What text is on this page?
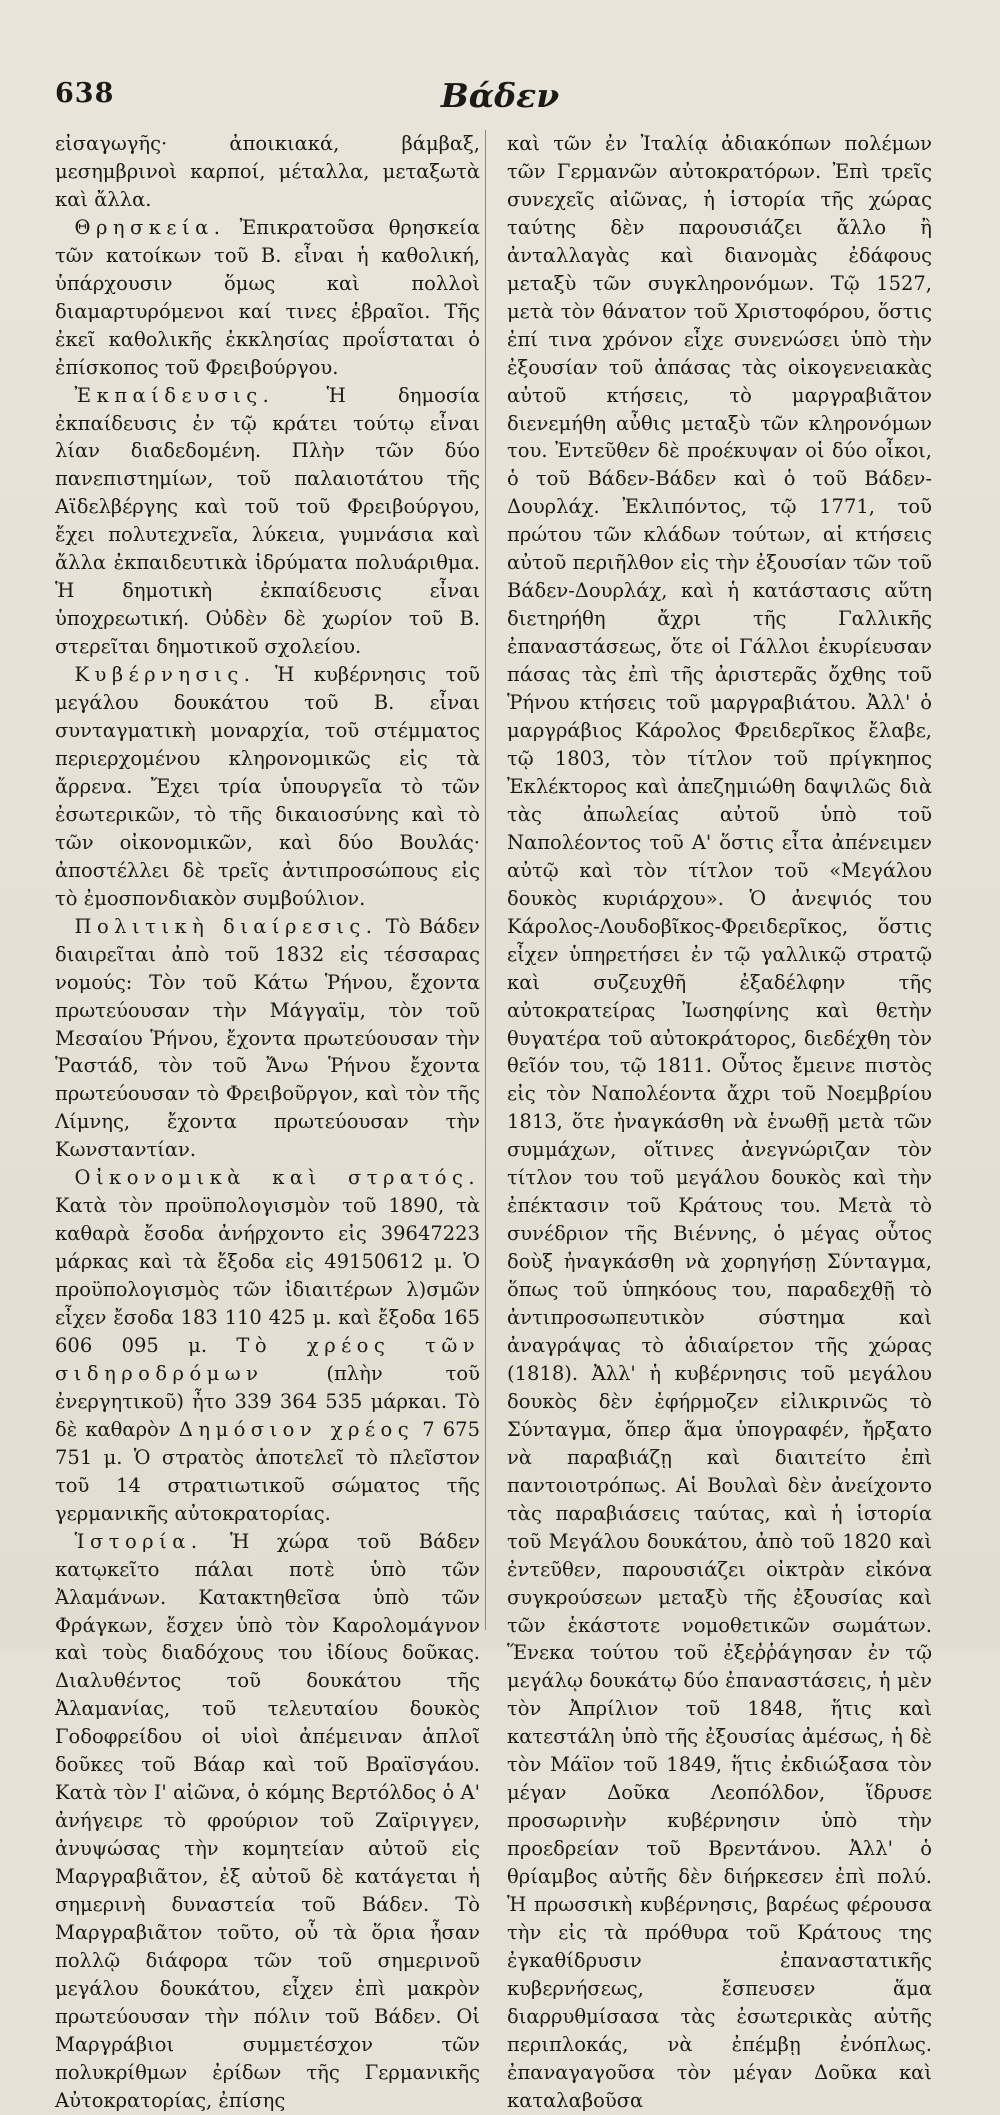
638	Βάδεν

εἰσαγωγῆς· ἀποικιακά, βάμβαξ, μεσημβρινοὶ καρποί, μέταλλα, μεταξωτὰ καὶ ἄλλα.

Θρησκεία. Ἐπικρατοῦσα θρησκεία τῶν κατοίκων τοῦ Β. εἶναι ἡ καθολική, ὑπάρχουσιν ὅμως καὶ πολλοὶ διαμαρτυρόμενοι καί τινες ἑβραῖοι. Τῆς ἐκεῖ καθολικῆς ἐκκλησίας προΐσταται ὁ ἐπίσκοπος τοῦ Φρειβούργου.

Ἐκπαίδευσις. Ἡ δημοσία ἐκπαίδευσις ἐν τῷ κράτει τούτῳ εἶναι λίαν διαδεδομένη. Πλὴν τῶν δύο πανεπιστημίων, τοῦ παλαιοτάτου τῆς Αϊδελβέργης καὶ τοῦ τοῦ Φρειβούργου, ἔχει πολυτεχνεῖα, λύκεια, γυμνάσια καὶ ἄλλα ἐκπαιδευτικὰ ἱδρύματα πολυάριθμα. Ἡ δημοτικὴ ἐκπαίδευσις εἶναι ὑποχρεωτική. Οὐδὲν δὲ χωρίον τοῦ Β. στερεῖται δημοτικοῦ σχολείου.

Κυβέρνησις. Ἡ κυβέρνησις τοῦ μεγάλου δουκάτου τοῦ Β. εἶναι συνταγματικὴ μοναρχία, τοῦ στέμματος περιερχομένου κληρονομικῶς εἰς τὰ ἄρρενα. Ἔχει τρία ὑπουργεῖα τὸ τῶν ἐσωτερικῶν, τὸ τῆς δικαιοσύνης καὶ τὸ τῶν οἰκονομικῶν, καὶ δύο Βουλάς· ἀποστέλλει δὲ τρεῖς ἀντιπροσώπους εἰς τὸ ἐμοσπονδιακὸν συμβούλιον.

Πολιτικὴ διαίρεσις. Τὸ Βάδεν διαιρεῖται ἀπὸ τοῦ 1832 εἰς τέσσαρας νομούς: Τὸν τοῦ Κάτω Ῥήνου, ἔχοντα πρωτεύουσαν τὴν Μάγγαϊμ, τὸν τοῦ Μεσαίου Ῥήνου, ἔχοντα πρωτεύουσαν τὴν Ῥαστάδ, τὸν τοῦ Ἄνω Ῥήνου ἔχοντα πρωτεύουσαν τὸ Φρειβοῦργον, καὶ τὸν τῆς Λίμνης, ἔχοντα πρωτεύουσαν τὴν Κωνσταντίαν.

Οἰκονομικὰ καὶ στρατός. Κατὰ τὸν προϋπολογισμὸν τοῦ 1890, τὰ καθαρὰ ἔσοδα ἀνήρχοντο εἰς 39647223 μάρκας καὶ τὰ ἔξοδα εἰς 49150612 μ. Ὁ προϋπολογισμὸς τῶν ἰδιαιτέρων λ)σμῶν εἶχεν ἔσοδα 183 110 425 μ. καὶ ἔξοδα 165 606 095 μ. Τὸ χρέος τῶν σιδηροδρόμων (πλὴν τοῦ ἐνεργητικοῦ) ἦτο 339 364 535 μάρκαι. Τὸ δὲ καθαρὸν Δημόσιον χρέος 7 675 751 μ. Ὁ στρατὸς ἀποτελεῖ τὸ πλεῖστον τοῦ 14 στρατιωτικοῦ σώματος τῆς γερμανικῆς αὐτοκρατορίας.

Ἱστορία. Ἡ χώρα τοῦ Βάδεν κατῳκεῖτο πάλαι ποτὲ ὑπὸ τῶν Ἀλαμάνων. Κατακτηθεῖσα ὑπὸ τῶν Φράγκων, ἔσχεν ὑπὸ τὸν Καρολομάγνον καὶ τοὺς διαδόχους του ἰδίους δοῦκας. Διαλυθέντος τοῦ δουκάτου τῆς Ἀλαμανίας, τοῦ τελευταίου δουκὸς Γοδοφρείδου οἱ υἱοὶ ἀπέμειναν ἁπλοῖ δοῦκες τοῦ Βάαρ καὶ τοῦ Βραϊσγάου. Κατὰ τὸν Ι' αἰῶνα, ὁ κόμης Βερτόλδος ὁ Α' ἀνήγειρε τὸ φρούριον τοῦ Ζαϊριγγεν, ἀνυψώσας τὴν κομητείαν αὐτοῦ εἰς Μαργραβιᾶτον, ἐξ αὐτοῦ δὲ κατάγεται ἡ σημερινὴ δυναστεία τοῦ Βάδεν. Τὸ Μαργραβιᾶτον τοῦτο, οὗ τὰ ὅρια ἦσαν πολλῷ διάφορα τῶν τοῦ σημερινοῦ μεγάλου δουκάτου, εἶχεν ἐπὶ μακρὸν πρωτεύουσαν τὴν πόλιν τοῦ Βάδεν. Οἱ Μαργράβιοι συμμετέσχον τῶν πολυκρίθμων ἐρίδων τῆς Γερμανικῆς Αὐτοκρατορίας, ἐπίσης

καὶ τῶν ἐν Ἰταλίᾳ ἀδιακόπων πολέμων τῶν Γερμανῶν αὐτοκρατόρων. Ἐπὶ τρεῖς συνεχεῖς αἰῶνας, ἡ ἱστορία τῆς χώρας ταύτης δὲν παρουσιάζει ἄλλο ἢ ἀνταλλαγὰς καὶ διανομὰς ἐδάφους μεταξὺ τῶν συγκληρονόμων. Τῷ 1527, μετὰ τὸν θάνατον τοῦ Χριστοφόρου, ὅστις ἐπί τινα χρόνον εἶχε συνενώσει ὑπὸ τὴν ἐξουσίαν τοῦ ἀπάσας τὰς οἰκογενειακὰς αὐτοῦ κτήσεις, τὸ μαργραβιᾶτον διενεμήθη αὖθις μεταξὺ τῶν κληρονόμων του. Ἐντεῦθεν δὲ προέκυψαν οἱ δύο οἶκοι, ὁ τοῦ Βάδεν-Βάδεν καὶ ὁ τοῦ Βάδεν-Δουρλάχ. Ἐκλιπόντος, τῷ 1771, τοῦ πρώτου τῶν κλάδων τούτων, αἱ κτήσεις αὐτοῦ περιῆλθον εἰς τὴν ἐξουσίαν τῶν τοῦ Βάδεν-Δουρλάχ, καὶ ἡ κατάστασις αὕτη διετηρήθη ἄχρι τῆς Γαλλικῆς ἐπαναστάσεως, ὅτε οἱ Γάλλοι ἐκυρίευσαν πάσας τὰς ἐπὶ τῆς ἀριστερᾶς ὄχθης τοῦ Ῥήνου κτήσεις τοῦ μαργραβιάτου. Ἀλλ' ὁ μαργράβιος Κάρολος Φρειδερῖκος ἔλαβε, τῷ 1803, τὸν τίτλον τοῦ πρίγκηπος Ἐκλέκτορος καὶ ἀπεζημιώθη δαψιλῶς διὰ τὰς ἀπωλείας αὐτοῦ ὑπὸ τοῦ Ναπολέοντος τοῦ Α' ὅστις εἶτα ἀπένειμεν αὐτῷ καὶ τὸν τίτλον τοῦ «Μεγάλου δουκὸς κυριάρχου». Ὁ ἀνεψιός του Κάρολος-Λουδοβῖκος-Φρειδερῖκος, ὅστις εἶχεν ὑπηρετήσει ἐν τῷ γαλλικῷ στρατῷ καὶ συζευχθῆ ἐξαδέλφην τῆς αὐτοκρατείρας Ἰωσηφίνης καὶ θετὴν θυγατέρα τοῦ αὐτοκράτορος, διεδέχθη τὸν θεῖόν του, τῷ 1811. Οὗτος ἔμεινε πιστὸς εἰς τὸν Ναπολέοντα ἄχρι τοῦ Νοεμβρίου 1813, ὅτε ἠναγκάσθη νὰ ἑνωθῇ μετὰ τῶν συμμάχων, οἵτινες ἀνεγνώριζαν τὸν τίτλον του τοῦ μεγάλου δουκὸς καὶ τὴν ἐπέκτασιν τοῦ Κράτους του. Μετὰ τὸ συνέδριον τῆς Βιέννης, ὁ μέγας οὗτος δοὺξ ἠναγκάσθη νὰ χορηγήσῃ Σύνταγμα, ὅπως τοῦ ὑπηκόους του, παραδεχθῇ τὸ ἀντιπροσωπευτικὸν σύστημα καὶ ἀναγράψας τὸ ἀδιαίρετον τῆς χώρας (1818). Ἀλλ' ἡ κυβέρνησις τοῦ μεγάλου δουκὸς δὲν ἐφήρμοζεν εἰλικρινῶς τὸ Σύνταγμα, ὅπερ ἅμα ὑπογραφέν, ἤρξατο νὰ παραβιάζῃ καὶ διαιτείτο ἐπὶ παντοιοτρόπως. Αἱ Βουλαὶ δὲν ἀνείχοντο τὰς παραβιάσεις ταύτας, καὶ ἡ ἱστορία τοῦ Μεγάλου δουκάτου, ἀπὸ τοῦ 1820 καὶ ἐντεῦθεν, παρουσιάζει οἰκτρὰν εἰκόνα συγκρούσεων μεταξὺ τῆς ἐξουσίας καὶ τῶν ἑκάστοτε νομοθετικῶν σωμάτων. Ἕνεκα τούτου τοῦ ἐξεῤῥάγησαν ἐν τῷ μεγάλῳ δουκάτῳ δύο ἐπαναστάσεις, ἡ μὲν τὸν Ἀπρίλιον τοῦ 1848, ἥτις καὶ κατεστάλη ὑπὸ τῆς ἐξουσίας ἀμέσως, ἡ δὲ τὸν Μάϊον τοῦ 1849, ἥτις ἐκδιώξασα τὸν μέγαν Δοῦκα Λεοπόλδον, ἵδρυσε προσωρινὴν κυβέρνησιν ὑπὸ τὴν προεδρείαν τοῦ Βρεντάνου. Ἀλλ' ὁ θρίαμβος αὐτῆς δὲν διήρκεσεν ἐπὶ πολύ. Ἡ πρωσσικὴ κυβέρνησις, βαρέως φέρουσα τὴν εἰς τὰ πρόθυρα τοῦ Κράτους της ἐγκαθίδρυσιν ἐπαναστατικῆς κυβερνήσεως, ἔσπευσεν ἅμα διαρρυθμίσασα τὰς ἐσωτερικὰς αὐτῆς περιπλοκάς, νὰ ἐπέμβῃ ἐνόπλως. ἐπαναγαγοῦσα τὸν μέγαν Δοῦκα καὶ καταλαβοῦσα
